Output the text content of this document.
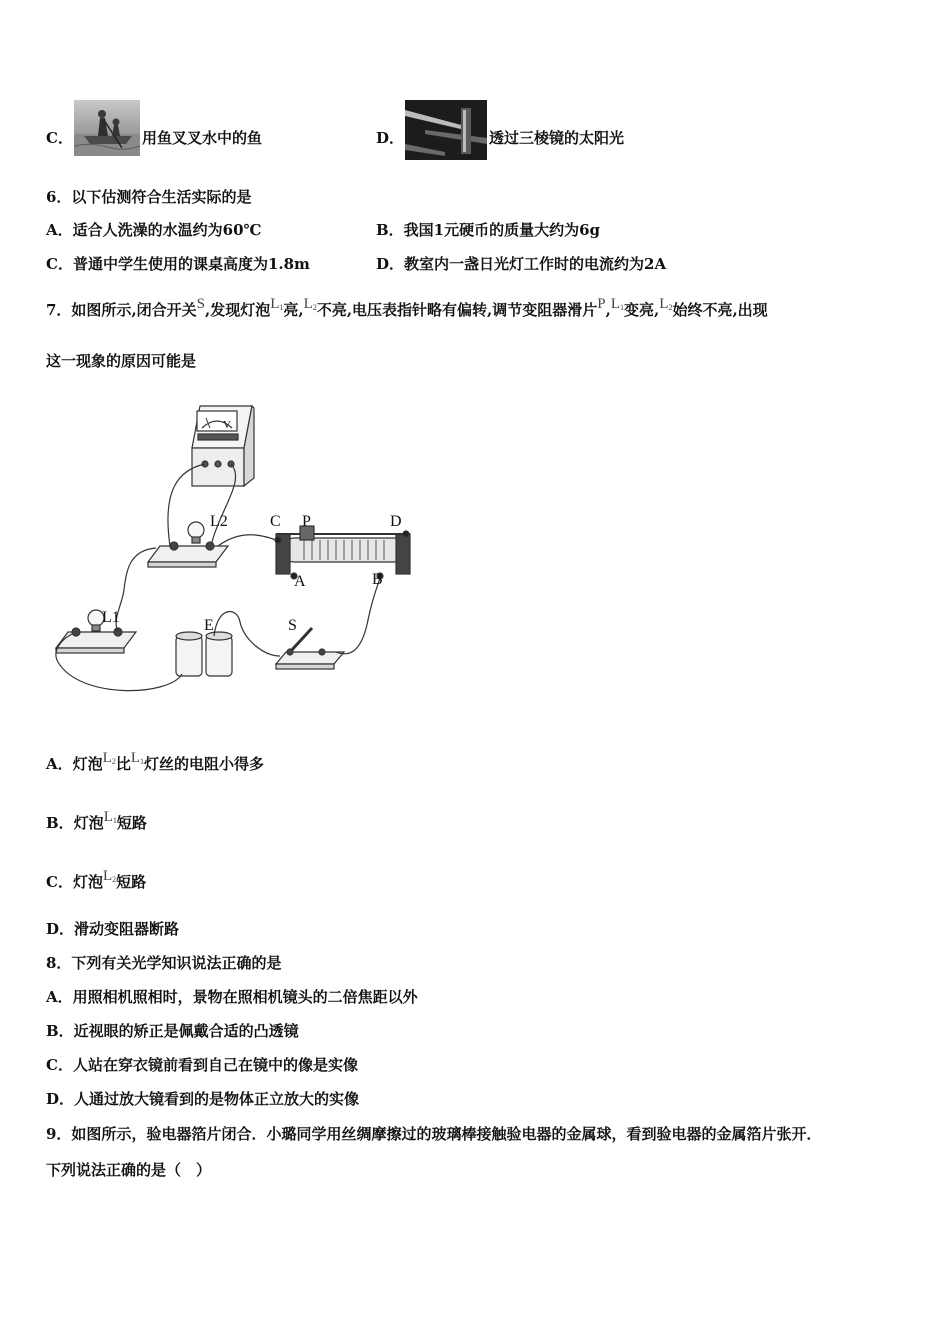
C．	用鱼叉叉水中的鱼	D．	透过三棱镜的太阳光
6．以下估测符合生活实际的是
A．适合人洗澡的水温约为60℃	B．我国1元硬币的质量大约为6g
C．普通中学生使用的课桌高度为1.8m	D．教室内一盏日光灯工作时的电流约为2A
7．如图所示,闭合开关S,发现灯泡$L_1$亮$,L_2$不亮,电压表指针略有偏转,调节变阻器滑片$P,L_1$变亮$,L_2$始终不亮,出现
这一现象的原因可能是
V
L2
L1
C P	D
A	B
E	S
A．灯泡$L_2$比$L_1$灯丝的电阻小得多
B．灯泡$L_1$短路
C．灯泡$L_2$短路
D．滑动变阻器断路
8．下列有关光学知识说法正确的是
A．用照相机照相时，景物在照相机镜头的二倍焦距以外
B．近视眼的矫正是佩戴合适的凸透镜
C．人站在穿衣镜前看到自己在镜中的像是实像
D．人通过放大镜看到的是物体正立放大的实像
9．如图所示，验电器箔片闭合．小璐同学用丝绸摩擦过的玻璃棒接触验电器的金属球，看到验电器的金属箔片张开．
下列说法正确的是（　）
